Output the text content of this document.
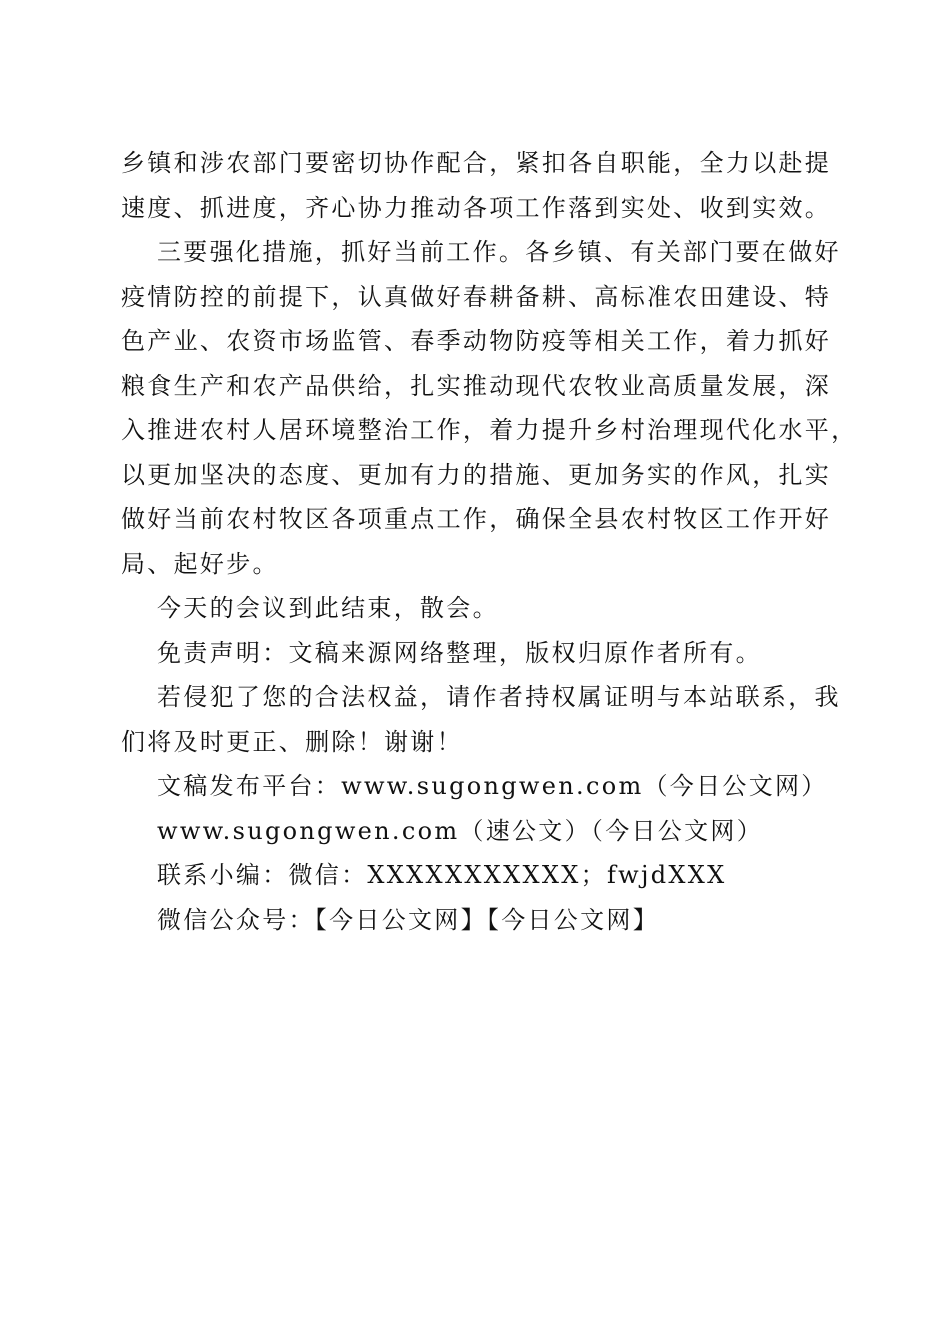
乡镇和涉农部门要密切协作配合，紧扣各自职能，全力以赴提
速度、抓进度，齐心协力推动各项工作落到实处、收到实效。
三要强化措施，抓好当前工作。各乡镇、有关部门要在做好
疫情防控的前提下，认真做好春耕备耕、高标准农田建设、特
色产业、农资市场监管、春季动物防疫等相关工作，着力抓好
粮食生产和农产品供给，扎实推动现代农牧业高质量发展，深
入推进农村人居环境整治工作，着力提升乡村治理现代化水平，
以更加坚决的态度、更加有力的措施、更加务实的作风，扎实
做好当前农村牧区各项重点工作，确保全县农村牧区工作开好
局、起好步。
今天的会议到此结束，散会。
免责声明：文稿来源网络整理，版权归原作者所有。
若侵犯了您的合法权益，请作者持权属证明与本站联系，我
们将及时更正、删除！谢谢！
文稿发布平台：www.sugongwen.com（今日公文网）
www.sugongwen.com（速公文）（今日公文网）
联系小编：微信：XXXXXXXXXXX；fwjdXXX
微信公众号：【今日公文网】【今日公文网】
